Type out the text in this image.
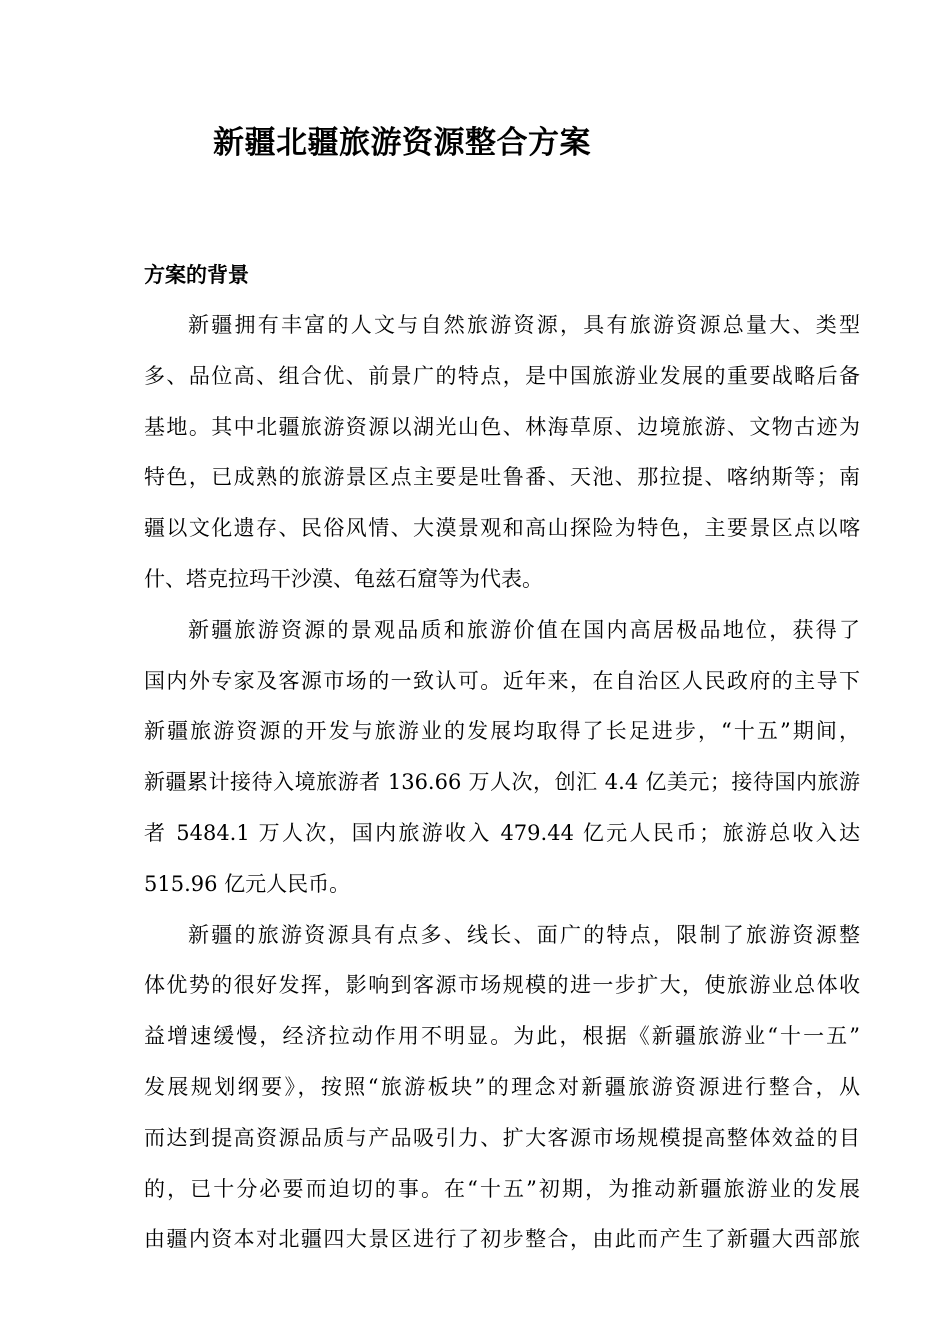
新疆北疆旅游资源整合方案
方案的背景

新疆拥有丰富的人文与自然旅游资源，具有旅游资源总量大、类型
多、品位高、组合优、前景广的特点，是中国旅游业发展的重要战略后备
基地。其中北疆旅游资源以湖光山色、林海草原、边境旅游、文物古迹为
特色，已成熟的旅游景区点主要是吐鲁番、天池、那拉提、喀纳斯等；南
疆以文化遗存、民俗风情、大漠景观和高山探险为特色，主要景区点以喀
什、塔克拉玛干沙漠、龟兹石窟等为代表。

新疆旅游资源的景观品质和旅游价值在国内高居极品地位，获得了
国内外专家及客源市场的一致认可。近年来，在自治区人民政府的主导下
新疆旅游资源的开发与旅游业的发展均取得了长足进步，“十五”期间，
新疆累计接待入境旅游者 136.66 万人次，创汇 4.4 亿美元；接待国内旅游
者 5484.1 万人次，国内旅游收入 479.44 亿元人民币；旅游总收入达
515.96 亿元人民币。

新疆的旅游资源具有点多、线长、面广的特点，限制了旅游资源整
体优势的很好发挥，影响到客源市场规模的进一步扩大，使旅游业总体收
益增速缓慢，经济拉动作用不明显。为此，根据《新疆旅游业“十一五”
发展规划纲要》，按照“旅游板块”的理念对新疆旅游资源进行整合，从
而达到提高资源品质与产品吸引力、扩大客源市场规模提高整体效益的目
的，已十分必要而迫切的事。在“十五”初期，为推动新疆旅游业的发展
由疆内资本对北疆四大景区进行了初步整合，由此而产生了新疆大西部旅
